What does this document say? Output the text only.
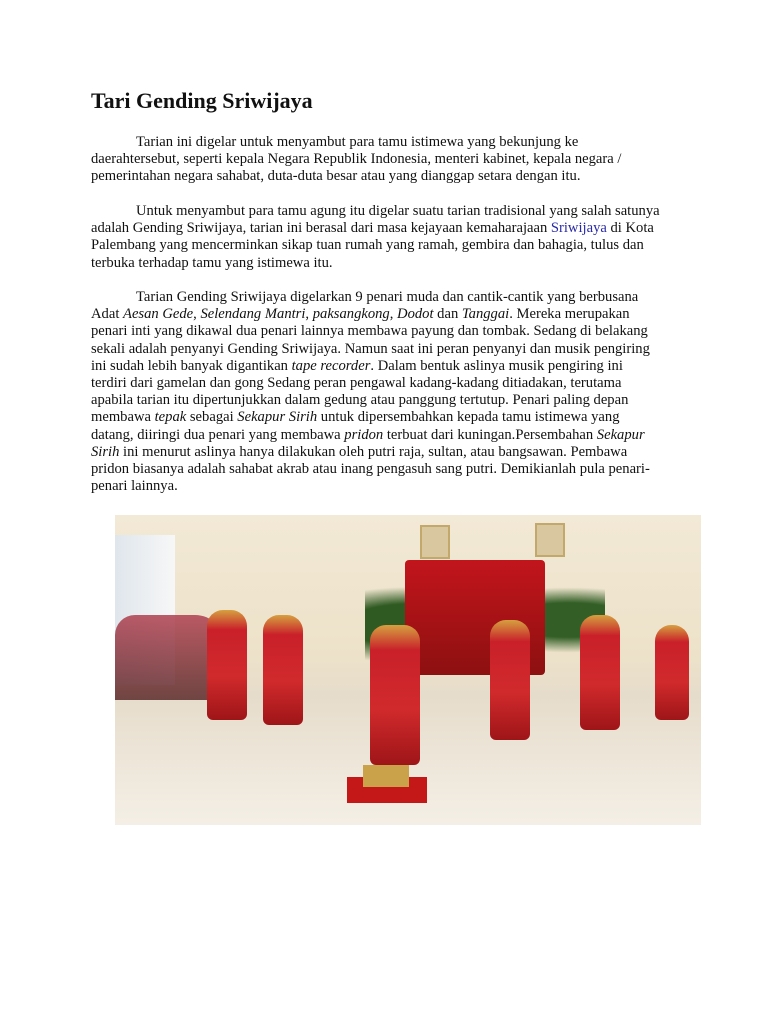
Tari Gending Sriwijaya
Tarian ini digelar untuk menyambut para tamu istimewa yang bekunjung ke
daerahtersebut, seperti kepala Negara Republik Indonesia, menteri kabinet, kepala negara /
pemerintahan negara sahabat, duta-duta besar atau yang dianggap setara dengan itu.
Untuk menyambut para tamu agung itu digelar suatu tarian tradisional yang salah satunya
adalah Gending Sriwijaya, tarian ini berasal dari masa kejayaan kemaharajaan Sriwijaya di Kota
Palembang yang mencerminkan sikap tuan rumah yang ramah, gembira dan bahagia, tulus dan
terbuka terhadap tamu yang istimewa itu.
Tarian Gending Sriwijaya digelarkan 9 penari muda dan cantik-cantik yang berbusana
Adat Aesan Gede, Selendang Mantri, paksangkong, Dodot dan Tanggai. Mereka merupakan
penari inti yang dikawal dua penari lainnya membawa payung dan tombak. Sedang di belakang
sekali adalah penyanyi Gending Sriwijaya. Namun saat ini peran penyanyi dan musik pengiring
ini sudah lebih banyak digantikan tape recorder. Dalam bentuk aslinya musik pengiring ini
terdiri dari gamelan dan gong Sedang peran pengawal kadang-kadang ditiadakan, terutama
apabila tarian itu dipertunjukkan dalam gedung atau panggung tertutup. Penari paling depan
membawa tepak sebagai Sekapur Sirih untuk dipersembahkan kepada tamu istimewa yang
datang, diiringi dua penari yang membawa pridon terbuat dari kuningan.Persembahan Sekapur
Sirih ini menurut aslinya hanya dilakukan oleh putri raja, sultan, atau bangsawan. Pembawa
pridon biasanya adalah sahabat akrab atau inang pengasuh sang putri. Demikianlah pula penari-
penari lainnya.
